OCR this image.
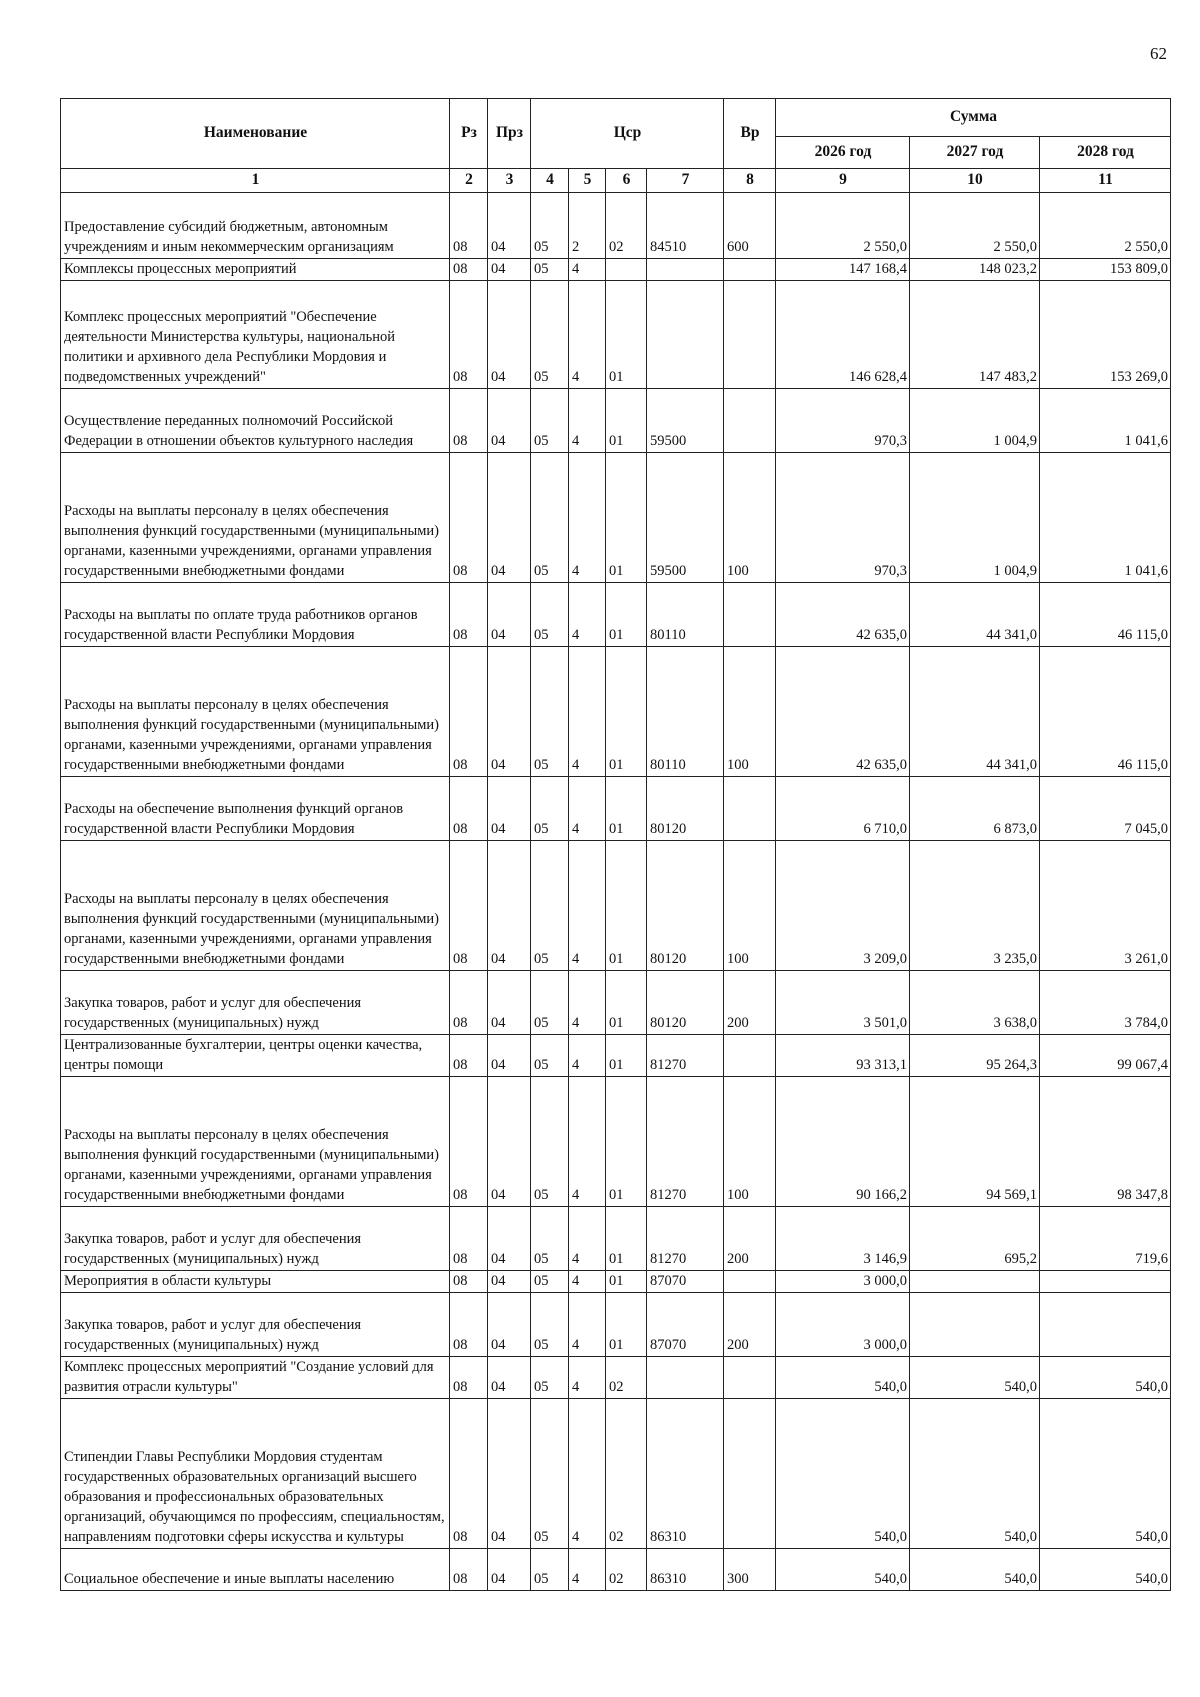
62
Наименование	Рз	Прз	Цср				Вр	Сумма		
								2026 год	2027 год	2028 год
1	2	3	4	5	6	7	8	9	10	11
Предоставление субсидий бюджетным, автономным учреждениям и иным некоммерческим организациям	08	04	05	2	02	84510	600	2 550,0	2 550,0	2 550,0
Комплексы процессных мероприятий	08	04	05	4				147 168,4	148 023,2	153 809,0
Комплекс процессных мероприятий "Обеспечение деятельности Министерства культуры, национальной политики и архивного дела Республики Мордовия и подведомственных учреждений"	08	04	05	4	01			146 628,4	147 483,2	153 269,0
Осуществление переданных полномочий Российской Федерации в отношении объектов культурного наследия	08	04	05	4	01	59500		970,3	1 004,9	1 041,6
Расходы на выплаты персоналу в целях обеспечения выполнения функций государственными (муниципальными) органами, казенными учреждениями, органами управления государственными внебюджетными фондами	08	04	05	4	01	59500	100	970,3	1 004,9	1 041,6
Расходы на выплаты по оплате труда работников органов государственной власти Республики Мордовия	08	04	05	4	01	80110		42 635,0	44 341,0	46 115,0
Расходы на выплаты персоналу в целях обеспечения выполнения функций государственными (муниципальными) органами, казенными учреждениями, органами управления государственными внебюджетными фондами	08	04	05	4	01	80110	100	42 635,0	44 341,0	46 115,0
Расходы на обеспечение выполнения функций органов государственной власти Республики Мордовия	08	04	05	4	01	80120		6 710,0	6 873,0	7 045,0
Расходы на выплаты персоналу в целях обеспечения выполнения функций государственными (муниципальными) органами, казенными учреждениями, органами управления государственными внебюджетными фондами	08	04	05	4	01	80120	100	3 209,0	3 235,0	3 261,0
Закупка товаров, работ и услуг для обеспечения государственных (муниципальных) нужд	08	04	05	4	01	80120	200	3 501,0	3 638,0	3 784,0
Централизованные бухгалтерии, центры оценки качества, центры помощи	08	04	05	4	01	81270		93 313,1	95 264,3	99 067,4
Расходы на выплаты персоналу в целях обеспечения выполнения функций государственными (муниципальными) органами, казенными учреждениями, органами управления государственными внебюджетными фондами	08	04	05	4	01	81270	100	90 166,2	94 569,1	98 347,8
Закупка товаров, работ и услуг для обеспечения государственных (муниципальных) нужд	08	04	05	4	01	81270	200	3 146,9	695,2	719,6
Мероприятия в области культуры	08	04	05	4	01	87070		3 000,0		
Закупка товаров, работ и услуг для обеспечения государственных (муниципальных) нужд	08	04	05	4	01	87070	200	3 000,0		
Комплекс процессных мероприятий "Создание условий для развития отрасли культуры"	08	04	05	4	02			540,0	540,0	540,0
Стипендии Главы Республики Мордовия студентам государственных образовательных организаций высшего образования и профессиональных образовательных организаций, обучающимся по профессиям, специальностям, направлениям подготовки сферы искусства и культуры	08	04	05	4	02	86310		540,0	540,0	540,0
Социальное обеспечение и иные выплаты населению	08	04	05	4	02	86310	300	540,0	540,0	540,0
